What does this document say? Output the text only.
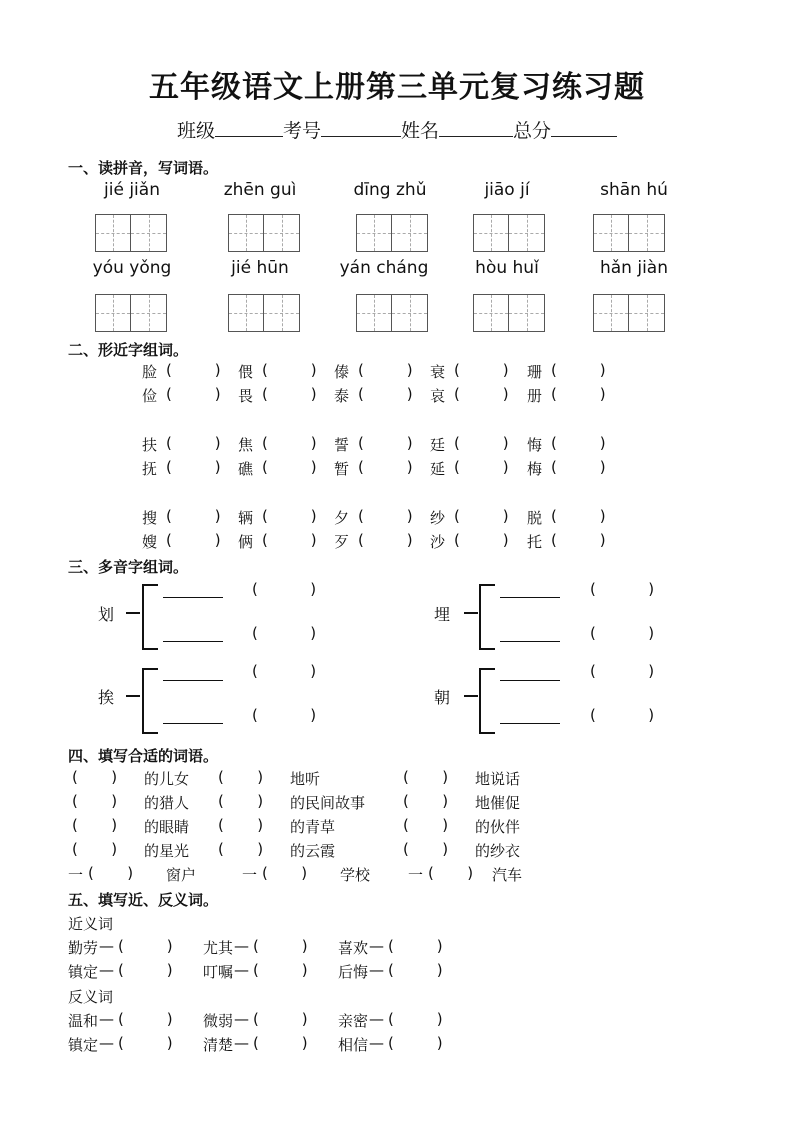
五年级语文上册第三单元复习练习题
班级	考号	姓名	总分
一、读拼音，写词语。
jié jiǎn	zhēn guì	dīng zhǔ	jiāo jí	shān hú
yóu yǒng	jié hūn	yán cháng	hòu huǐ	hǎn jiàn
二、形近字组词。
脸 (         ) 偎 (         ) 傣 (         ) 衰 (         ) 珊 (         )
俭 (         ) 畏 (         ) 泰 (         ) 哀 (         ) 册 (         )
扶 (         ) 焦 (         ) 誓 (         ) 廷 (         ) 悔 (         )
抚 (         ) 礁 (         ) 暂 (         ) 延 (         ) 梅 (         )
搜 (         ) 辆 (         ) 夕 (         ) 纱 (         ) 脱 (         )
嫂 (         ) 俩 (         ) 歹 (         ) 沙 (         ) 托 (         )
三、多音字组词。
划
(           )
(           )
埋
(           )
(           )
挨
(           )
(           )
朝
(           )
(           )
四、填写合适的词语。
(       ) 的儿女 (       ) 地听	(       ) 地说话
(       ) 的猎人 (       ) 的民间故事	(       ) 地催促
(       ) 的眼睛 (       ) 的青草	(       ) 的伙伴
(       ) 的星光 (       ) 的云霞	(       ) 的纱衣
一 (       ) 窗户	一 (       ) 学校	一 (       ) 汽车
五、填写近、反义词。
近义词
反义词
勤劳 — (         ) 尤其 — (         ) 喜欢 — (         )
镇定 — (         ) 叮嘱 — (         ) 后悔 — (         )
温和 — (         ) 微弱 — (         ) 亲密 — (         )
镇定 — (         ) 清楚 — (         ) 相信 — (         )
